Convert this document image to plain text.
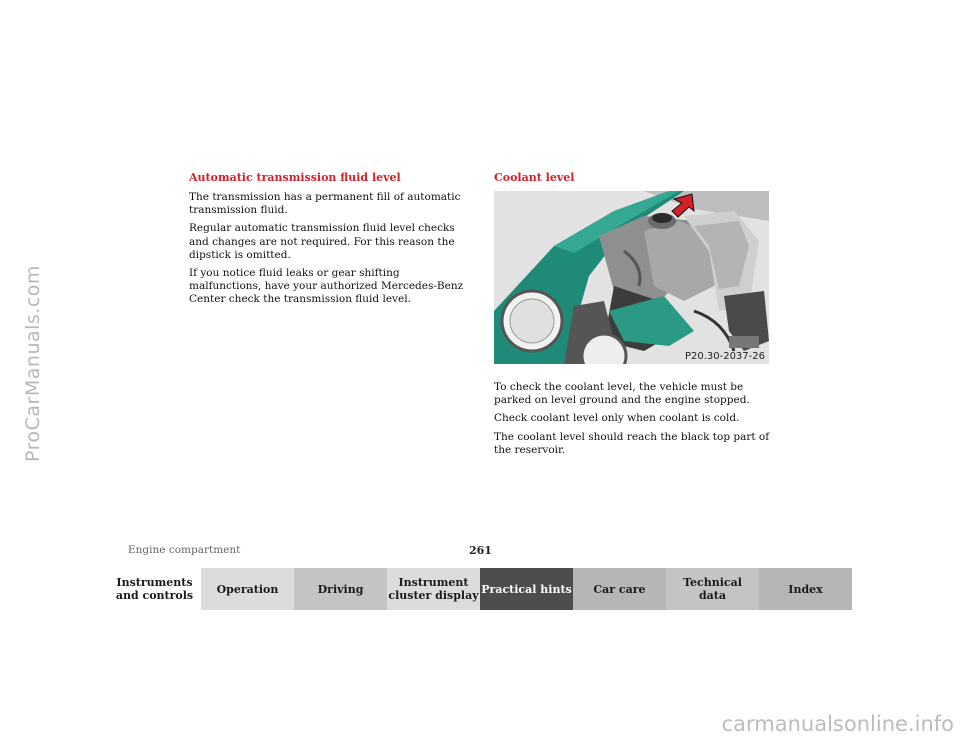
ProCarManuals.com
Automatic transmission fluid level

The transmission has a permanent fill of automatic transmission fluid.

Regular automatic transmission fluid level checks and changes are not required. For this reason the dipstick is omitted.

If you notice fluid leaks or gear shifting malfunctions, have your authorized Mercedes-Benz Center check the transmission fluid level.

Coolant level
P20.30-2037-26

To check the coolant level, the vehicle must be parked on level ground and the engine stopped.

Check coolant level only when coolant is cold.

The coolant level should reach the black top part of the reservoir.

Engine compartment	261
Instruments
and controls Operation	Driving	Instrument
cluster display Practical hints Car care	Technical
data	Index
carmanualsonline.info
